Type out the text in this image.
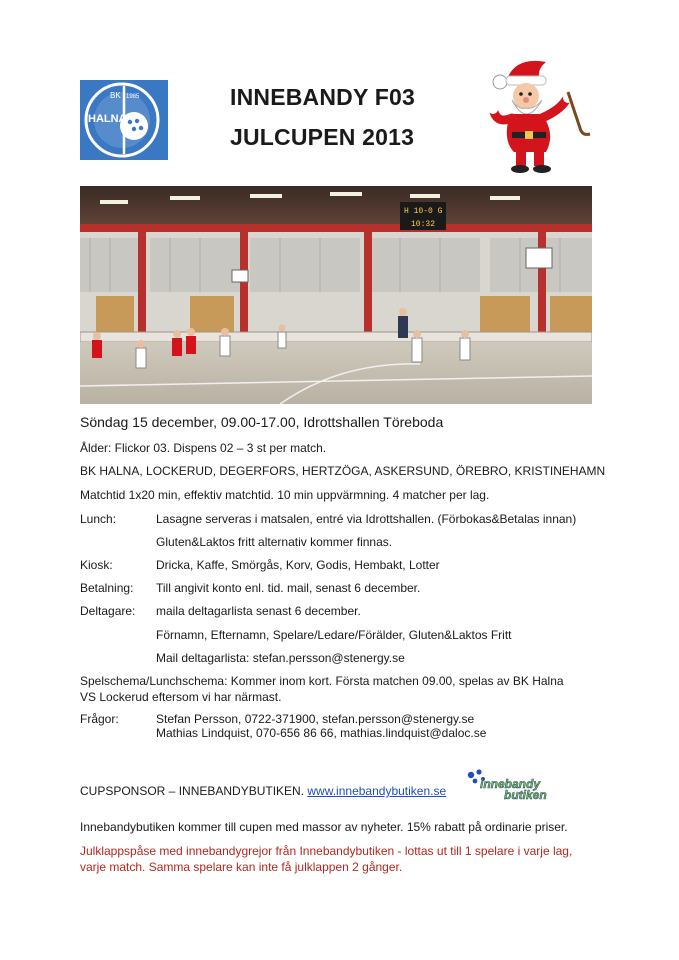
BK 1985
HALNA
INNEBANDY F03
JULCUPEN 2013
H 10-0 G
10:32
Söndag 15 december, 09.00-17.00, Idrottshallen Töreboda
Ålder: Flickor 03. Dispens 02 – 3 st per match.
BK HALNA, LOCKERUD, DEGERFORS, HERTZÖGA, ASKERSUND, ÖREBRO, KRISTINEHAMN
Matchtid 1x20 min, effektiv matchtid. 10 min uppvärmning. 4 matcher per lag.
Lunch:	Lasagne serveras i matsalen, entré via Idrottshallen. (Förbokas&Betalas innan)
Gluten&Laktos fritt alternativ kommer finnas.
Kiosk:	Dricka, Kaffe, Smörgås, Korv, Godis, Hembakt, Lotter
Betalning: Till angivit konto enl. tid. mail, senast 6 december.
Deltagare: maila deltagarlista senast 6 december.
Förnamn, Efternamn, Spelare/Ledare/Förälder, Gluten&Laktos Fritt
Mail deltagarlista: stefan.persson@stenergy.se
Spelschema/Lunchschema: Kommer inom kort. Första matchen 09.00, spelas av BK Halna VS Lockerud eftersom vi har närmast.
Frågor:	Stefan Persson, 0722-371900, stefan.persson@stenergy.se
Mathias Lindquist, 070-656 86 66, mathias.lindquist@daloc.se
CUPSPONSOR – INNEBANDYBUTIKEN. www.innebandybutiken.se	innebandy
butiken
Innebandybutiken kommer till cupen med massor av nyheter. 15% rabatt på ordinarie priser.
Julklappspåse med innebandygrejor från Innebandybutiken - lottas ut till 1 spelare i varje lag, varje match. Samma spelare kan inte få julklappen 2 gånger.
